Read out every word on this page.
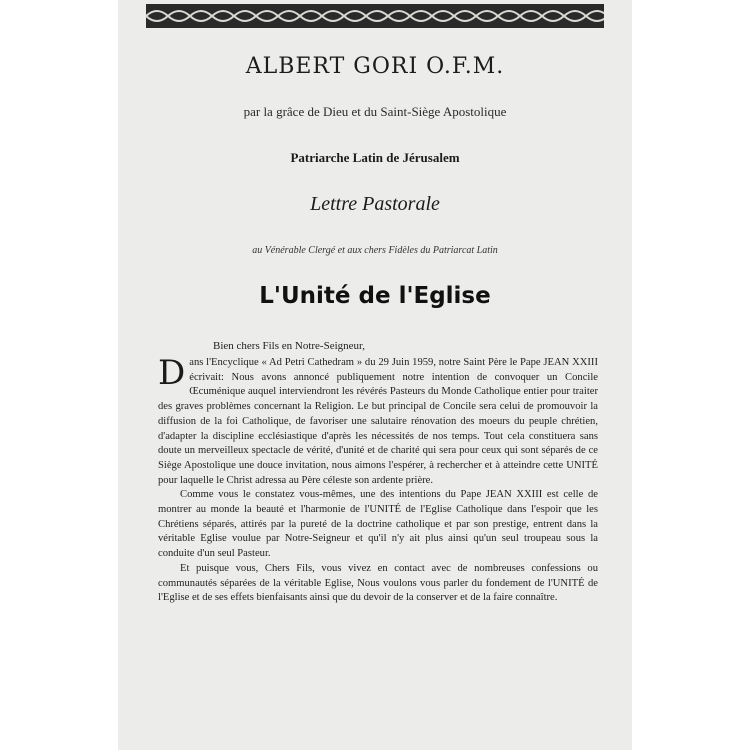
ALBERT GORI O.F.M.
par la grâce de Dieu et du Saint-Siège Apostolique
Patriarche Latin de Jérusalem
Lettre Pastorale
au Vénérable Clergé et aux chers Fidèles du Patriarcat Latin
L'Unité de l'Eglise
Bien chers Fils en Notre-Seigneur,

Dans l'Encyclique « Ad Petri Cathedram » du 29 Juin 1959, notre Saint Père le Pape JEAN XXIII écrivait: Nous avons annoncé publiquement notre intention de convoquer un Concile Œcuménique auquel interviendront les révérés Pasteurs du Monde Catholique entier pour traiter des graves problèmes concernant la Religion. Le but principal de Concile sera celui de promouvoir la diffusion de la foi Catholique, de favoriser une salutaire rénovation des moeurs du peuple chrétien, d'adapter la discipline ecclésiastique d'après les nécessités de nos temps. Tout cela constituera sans doute un merveilleux spectacle de vérité, d'unité et de charité qui sera pour ceux qui sont séparés de ce Siège Apostolique une douce invitation, nous aimons l'espérer, à rechercher et à atteindre cette UNITÉ pour laquelle le Christ adressa au Père céleste son ardente prière.

Comme vous le constatez vous-mêmes, une des intentions du Pape JEAN XXIII est celle de montrer au monde la beauté et l'harmonie de l'UNITÉ de l'Eglise Catholique dans l'espoir que les Chrétiens séparés, attirés par la pureté de la doctrine catholique et par son prestige, entrent dans la véritable Eglise voulue par Notre-Seigneur et qu'il n'y ait plus ainsi qu'un seul troupeau sous la conduite d'un seul Pasteur.

Et puisque vous, Chers Fils, vous vivez en contact avec de nombreuses confessions ou communautés séparées de la véritable Eglise, Nous voulons vous parler du fondement de l'UNITÉ de l'Eglise et de ses effets bienfaisants ainsi que du devoir de la conserver et de la faire connaître.
